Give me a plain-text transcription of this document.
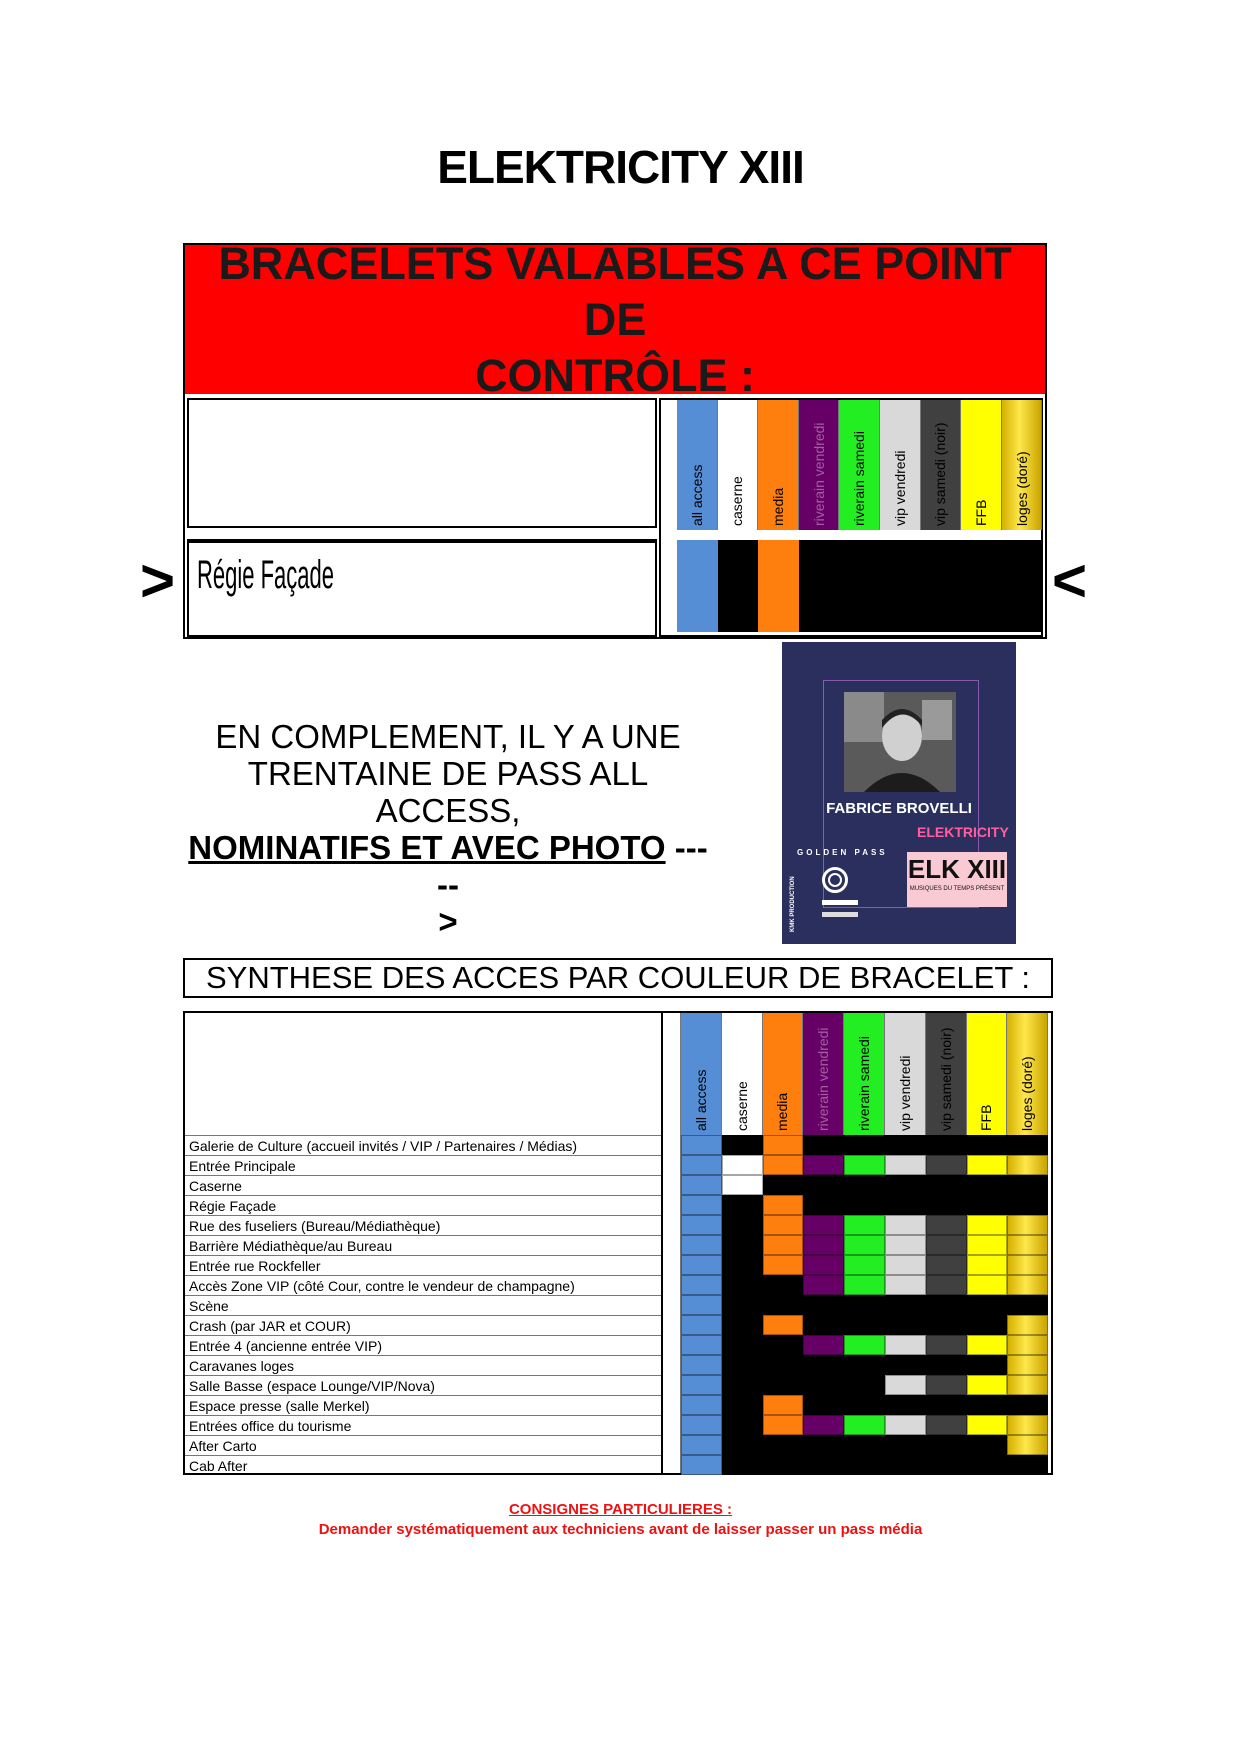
ELEKTRICITY XIII
BRACELETS VALABLES A CE POINT DE
CONTRÔLE :
Régie Façade
all access caserne media riverain vendredi riverain samedi vip vendredi vip samedi (noir) FFB loges (doré)
>	<
EN COMPLEMENT, IL Y A UNE
TRENTAINE DE PASS ALL ACCESS,
NOMINATIFS ET AVEC PHOTO -----
>
FABRICE BROVELLI
ELEKTRICITY
GOLDEN PASS
ELK XIII
MUSIQUES DU TEMPS PRÉSENT
KMK PRODUCTION
SYNTHESE DES ACCES PAR COULEUR DE BRACELET :
all access caserne media riverain vendredi riverain samedi vip vendredi vip samedi (noir) FFB loges (doré)
Galerie de Culture (accueil invités / VIP / Partenaires / Médias)
Entrée Principale
Caserne
Régie Façade
Rue des fuseliers (Bureau/Médiathèque)
Barrière Médiathèque/au Bureau
Entrée rue Rockfeller
Accès Zone VIP (côté Cour, contre le vendeur de champagne)
Scène
Crash (par JAR et COUR)
Entrée 4 (ancienne entrée VIP)
Caravanes loges
Salle Basse (espace Lounge/VIP/Nova)
Espace presse (salle Merkel)
Entrées office du tourisme
After Carto
Cab After
CONSIGNES PARTICULIERES :
Demander systématiquement aux techniciens avant de laisser passer un pass média
